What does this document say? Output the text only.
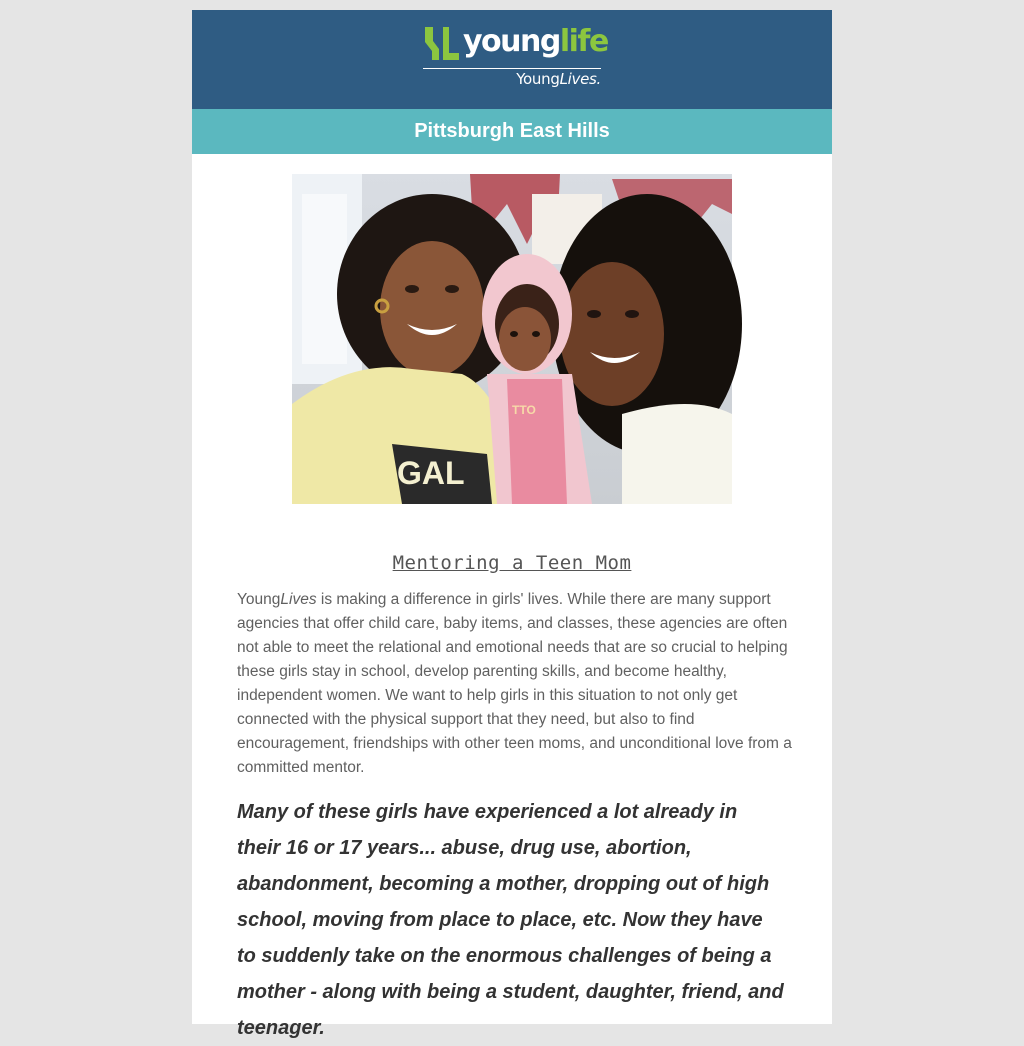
younglife
YoungLives.
Pittsburgh East Hills
GAL
TTO
Mentoring a Teen Mom

YoungLives is making a difference in girls' lives. While there are many support agencies that offer child care, baby items, and classes, these agencies are often not able to meet the relational and emotional needs that are so crucial to helping these girls stay in school, develop parenting skills, and become healthy, independent women. We want to help girls in this situation to not only get connected with the physical support that they need, but also to find encouragement, friendships with other teen moms, and unconditional love from a committed mentor.

Many of these girls have experienced a lot already in their 16 or 17 years... abuse, drug use, abortion, abandonment, becoming a mother, dropping out of high school, moving from place to place, etc. Now they have to suddenly take on the enormous challenges of being a mother - along with being a student, daughter, friend, and teenager.
